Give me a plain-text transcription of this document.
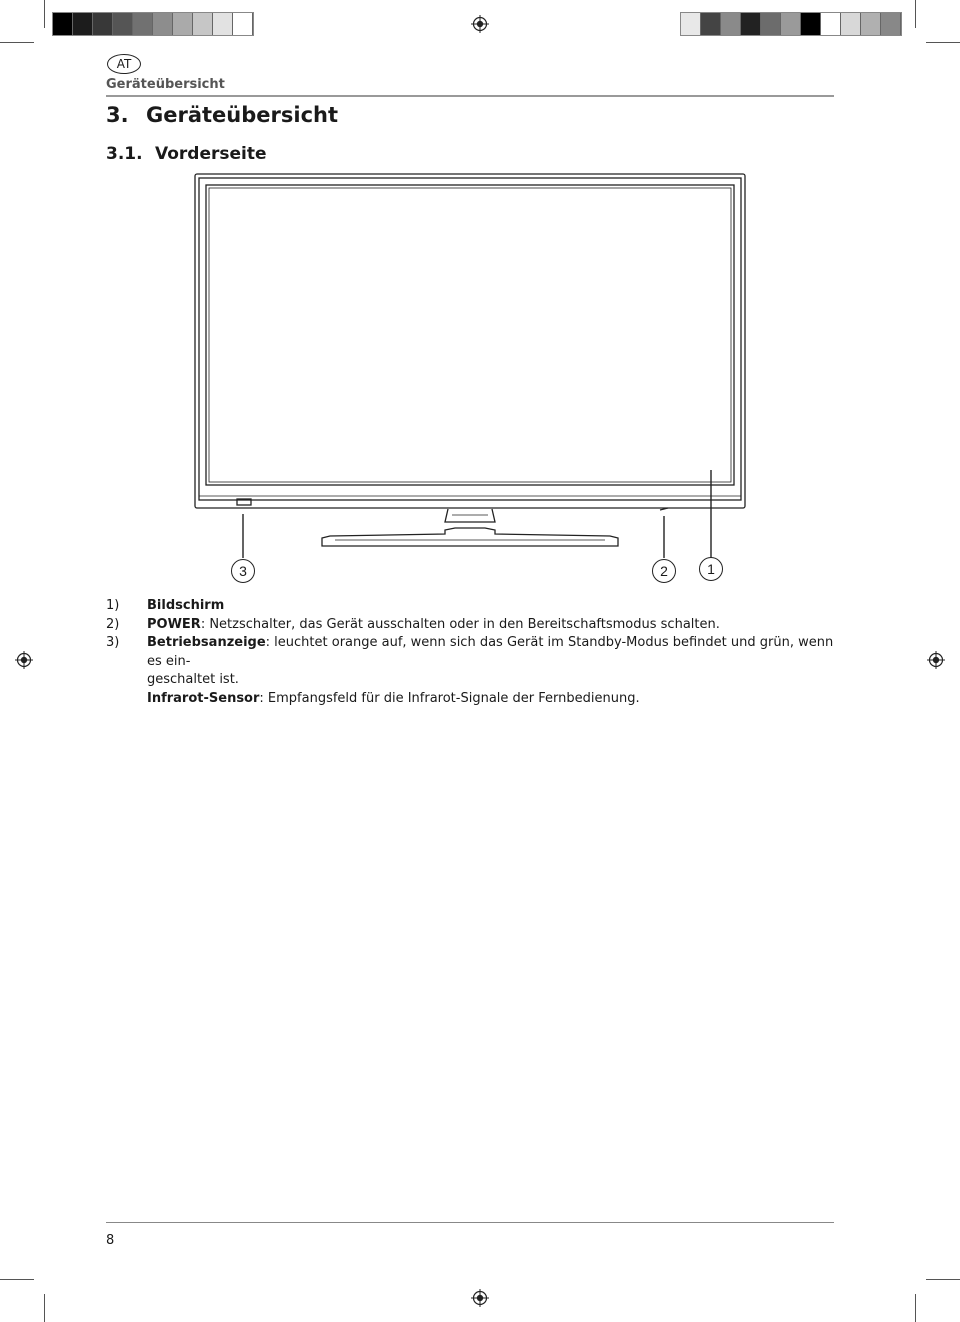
AT
Geräteübersicht
3. Geräteübersicht
3.1. Vorderseite
3	2	1
1)	Bildschirm
2)	POWER: Netzschalter, das Gerät ausschalten oder in den Bereitschaftsmodus schalten.
3)	Betriebsanzeige: leuchtet orange auf, wenn sich das Gerät im Standby-Modus befindet und grün, wenn es ein-
geschaltet ist.
Infrarot-Sensor: Empfangsfeld für die Infrarot-Signale der Fernbedienung.
8
